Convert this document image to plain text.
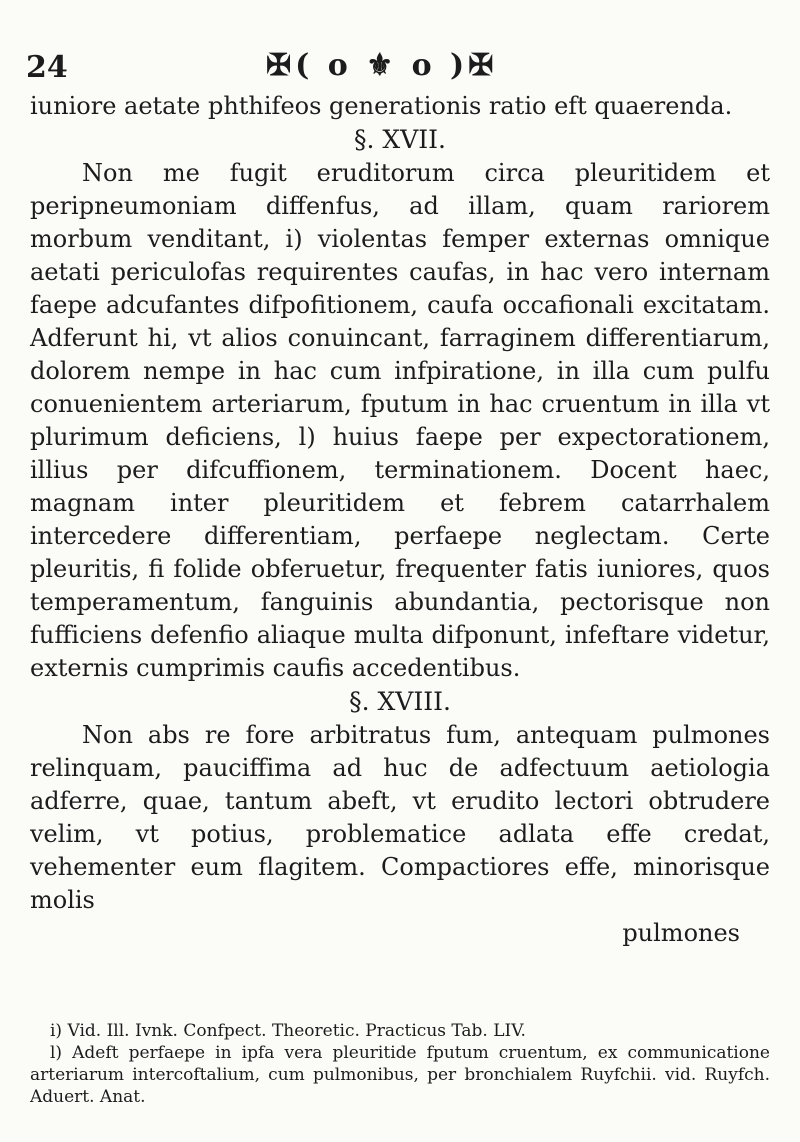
24	✠( o ⚜ o )✠

iuniore aetate phthifeos generationis ratio eft quaerenda.

§. XVII.

Non me fugit eruditorum circa pleuritidem et peripneumoniam diffenfus, ad illam, quam rariorem morbum venditant, i) violentas femper externas omnique aetati periculofas requirentes caufas, in hac vero internam faepe adcufantes difpofitionem, caufa occafionali excitatam. Adferunt hi, vt alios conuincant, farraginem differentiarum, dolorem nempe in hac cum infpiratione, in illa cum pulfu conuenientem arteriarum, fputum in hac cruentum in illa vt plurimum deficiens, l) huius faepe per expectorationem, illius per difcuffionem, terminationem. Docent haec, magnam inter pleuritidem et febrem catarrhalem intercedere differentiam, perfaepe neglectam. Certe pleuritis, fi folide obferuetur, frequenter fatis iuniores, quos temperamentum, fanguinis abundantia, pectorisque non fufficiens defenfio aliaque multa difponunt, infeftare videtur, externis cumprimis caufis accedentibus.

§. XVIII.

Non abs re fore arbitratus fum, antequam pulmones relinquam, pauciffima ad huc de adfectuum aetiologia adferre, quae, tantum abeft, vt erudito lectori obtrudere velim, vt potius, problematice adlata effe credat, vehementer eum flagitem. Compactiores effe, minorisque molis

pulmones

i) Vid. Ill. Ivnk. Confpect. Theoretic. Practicus Tab. LIV.

l) Adeft perfaepe in ipfa vera pleuritide fputum cruentum, ex communicatione arteriarum intercoftalium, cum pulmonibus, per bronchialem Ruyfchii. vid. Ruyfch. Aduert. Anat.
